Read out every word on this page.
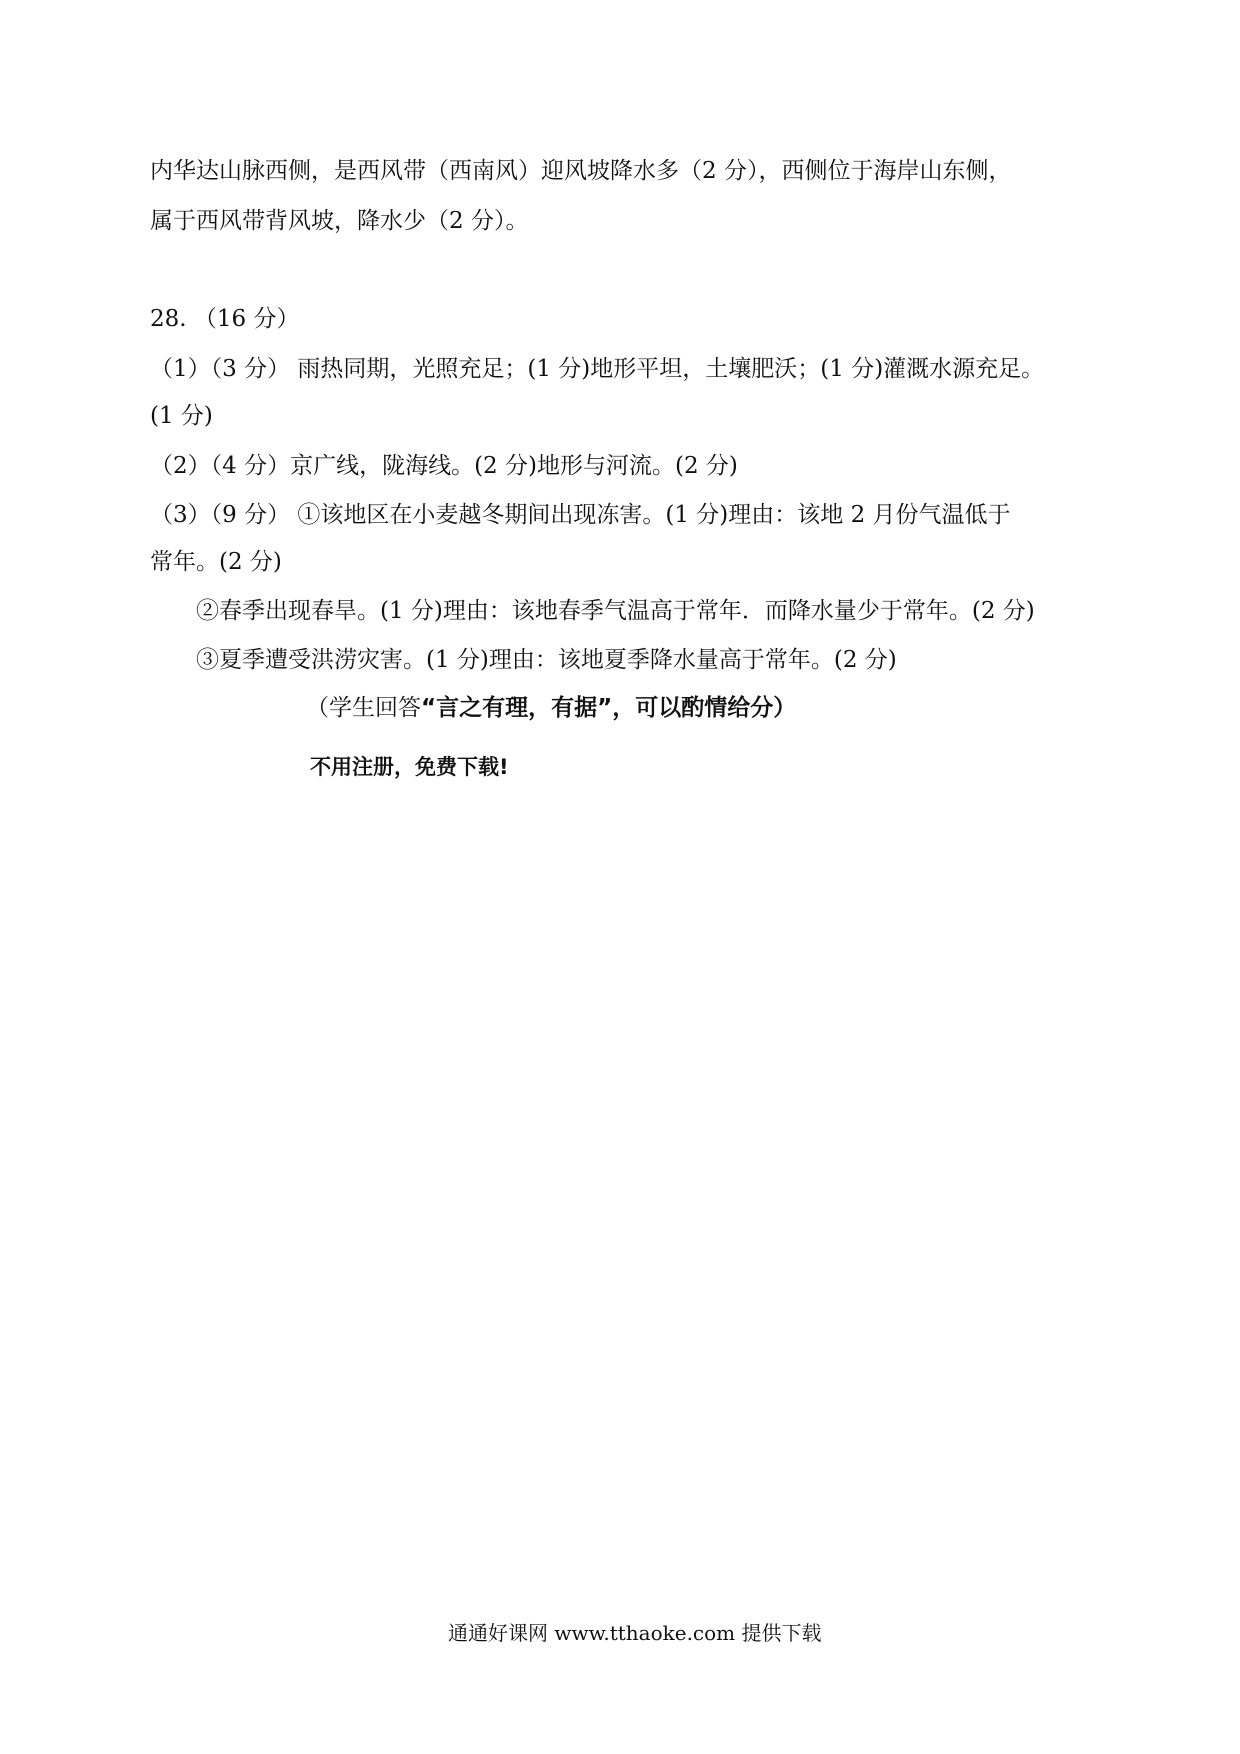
内华达山脉西侧，是西风带（西南风）迎风坡降水多（2 分），西侧位于海岸山东侧，
属于西风带背风坡，降水少（2 分）。
28. （16 分）
（1）（3 分） 雨热同期，光照充足；(1 分)地形平坦，土壤肥沃；(1 分)灌溉水源充足。
(1 分)
（2）（4 分）京广线，陇海线。(2 分)地形与河流。(2 分)
（3）（9 分） ①该地区在小麦越冬期间出现冻害。(1 分)理由：该地 2 月份气温低于
常年。(2 分)
②春季出现春旱。(1 分)理由：该地春季气温高于常年．而降水量少于常年。(2 分)
③夏季遭受洪涝灾害。(1 分)理由：该地夏季降水量高于常年。(2 分)
（学生回答“言之有理，有据”，可以酌情给分）
不用注册，免费下载!
通通好课网 www.tthaoke.com 提供下载
